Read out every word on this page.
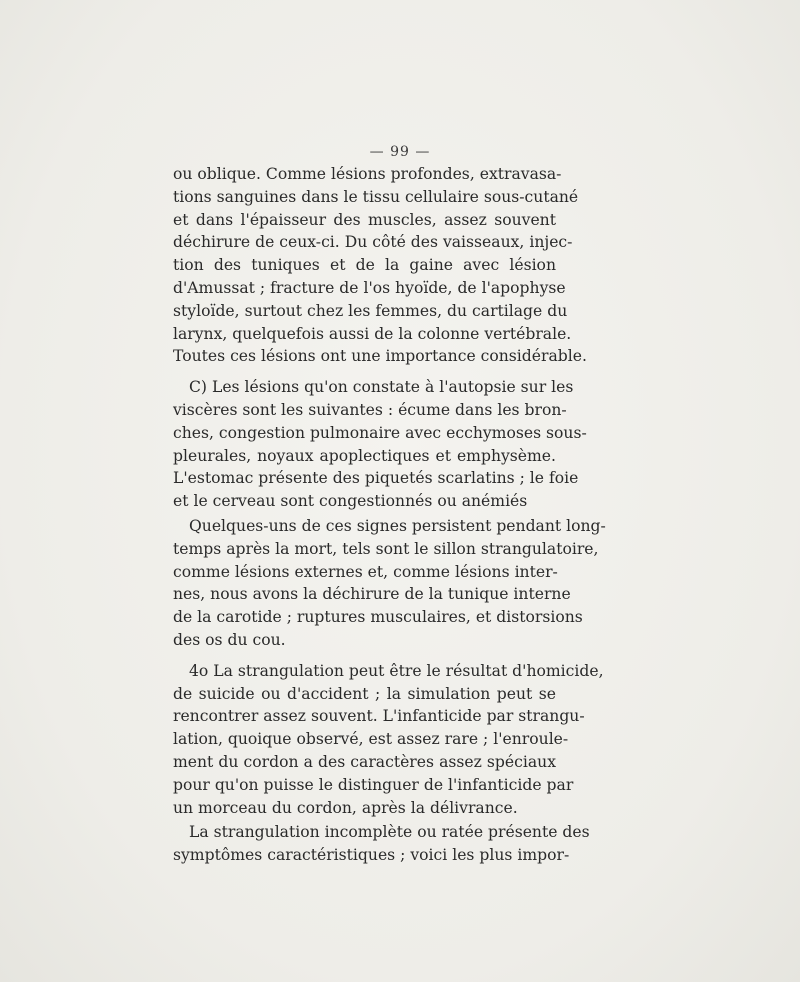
— 99 —
ou oblique. Comme lésions profondes, extravasa-
tions sanguines dans le tissu cellulaire sous-cutané
et dans l'épaisseur des muscles, assez souvent
déchirure de ceux-ci. Du côté des vaisseaux, injec-
tion des tuniques et de la gaine avec lésion
d'Amussat ; fracture de l'os hyoïde, de l'apophyse
styloïde, surtout chez les femmes, du cartilage du
larynx, quelquefois aussi de la colonne vertébrale.
Toutes ces lésions ont une importance considérable.
C) Les lésions qu'on constate à l'autopsie sur les
viscères sont les suivantes : écume dans les bron-
ches, congestion pulmonaire avec ecchymoses sous-
pleurales, noyaux apoplectiques et emphysème.
L'estomac présente des piquetés scarlatins ; le foie
et le cerveau sont congestionnés ou anémiés
Quelques-uns de ces signes persistent pendant long-
temps après la mort, tels sont le sillon strangulatoire,
comme lésions externes et, comme lésions inter-
nes, nous avons la déchirure de la tunique interne
de la carotide ; ruptures musculaires, et distorsions
des os du cou.
4o La strangulation peut être le résultat d'homicide,
de suicide ou d'accident ; la simulation peut se
rencontrer assez souvent. L'infanticide par strangu-
lation, quoique observé, est assez rare ; l'enroule-
ment du cordon a des caractères assez spéciaux
pour qu'on puisse le distinguer de l'infanticide par
un morceau du cordon, après la délivrance.
La strangulation incomplète ou ratée présente des
symptômes caractéristiques ; voici les plus impor-
